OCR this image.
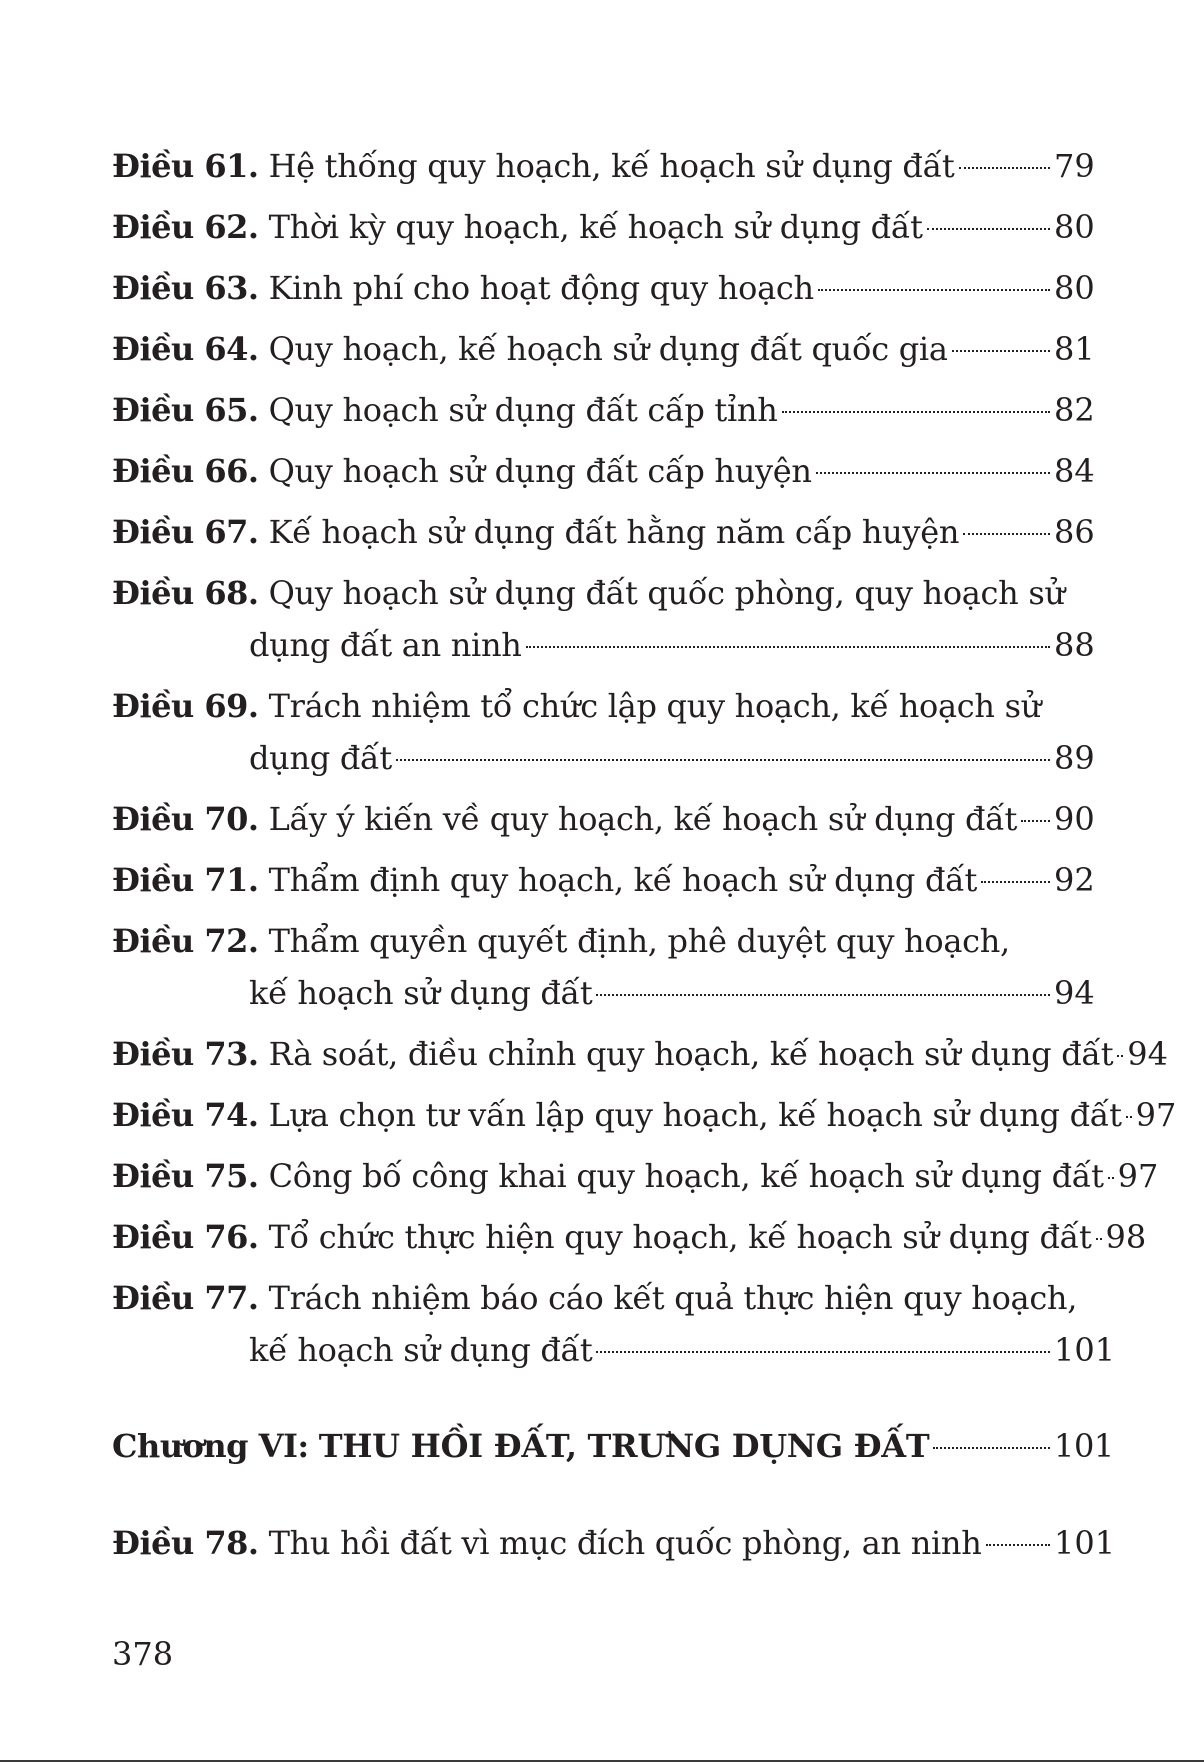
Điều 61. Hệ thống quy hoạch, kế hoạch sử dụng đất	79
Điều 62. Thời kỳ quy hoạch, kế hoạch sử dụng đất	80
Điều 63. Kinh phí cho hoạt động quy hoạch	80
Điều 64. Quy hoạch, kế hoạch sử dụng đất quốc gia	81
Điều 65. Quy hoạch sử dụng đất cấp tỉnh	82
Điều 66. Quy hoạch sử dụng đất cấp huyện	84
Điều 67. Kế hoạch sử dụng đất hằng năm cấp huyện	86
Điều 68. Quy hoạch sử dụng đất quốc phòng, quy hoạch sử
dụng đất an ninh	88
Điều 69. Trách nhiệm tổ chức lập quy hoạch, kế hoạch sử
dụng đất	89
Điều 70. Lấy ý kiến về quy hoạch, kế hoạch sử dụng đất 90
Điều 71. Thẩm định quy hoạch, kế hoạch sử dụng đất 92
Điều 72. Thẩm quyền quyết định, phê duyệt quy hoạch,
kế hoạch sử dụng đất	94
Điều 73. Rà soát, điều chỉnh quy hoạch, kế hoạch sử dụng đất 94
Điều 74. Lựa chọn tư vấn lập quy hoạch, kế hoạch sử dụng đất 97
Điều 75. Công bố công khai quy hoạch, kế hoạch sử dụng đất 97
Điều 76. Tổ chức thực hiện quy hoạch, kế hoạch sử dụng đất 98
Điều 77. Trách nhiệm báo cáo kết quả thực hiện quy hoạch,
kế hoạch sử dụng đất	101
Chương VI: THU HỒI ĐẤT, TRƯNG DỤNG ĐẤT	101
Điều 78. Thu hồi đất vì mục đích quốc phòng, an ninh 101
378
